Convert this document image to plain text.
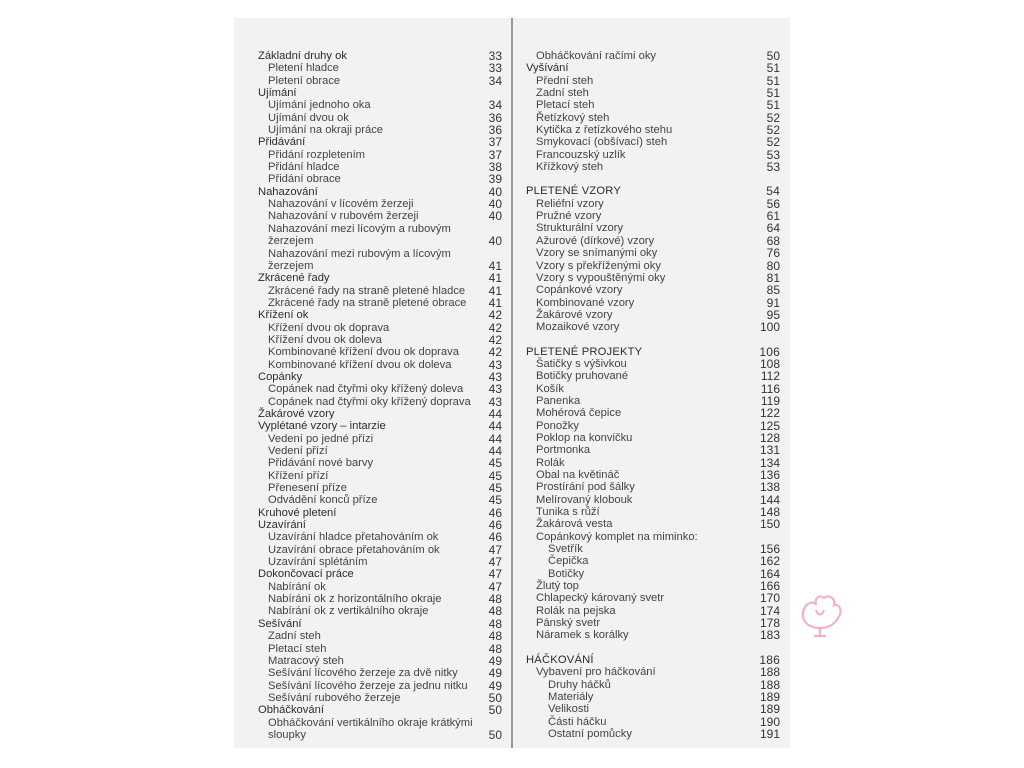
Základní druhy ok	33
Pletení hladce	33
Pletení obrace	34
Ujímání
Ujímání jednoho oka	34
Ujímání dvou ok	36
Ujímání na okraji práce	36
Přidávání	37
Přidání rozpletením	37
Přidání hladce	38
Přidání obrace	39
Nahazování	40
Nahazování v lícovém žerzeji	40
Nahazování v rubovém žerzeji	40
Nahazování mezi lícovým a rubovým žerzejem	40
Nahazování mezi rubovým a lícovým žerzejem	41
Zkrácené řady	41
Zkrácené řady na straně pletené hladce	41
Zkrácené řady na straně pletené obrace	41
Křížení ok	42
Křížení dvou ok doprava	42
Křížení dvou ok doleva	42
Kombinované křížení dvou ok doprava	42
Kombinované křížení dvou ok doleva	43
Copánky	43
Copánek nad čtyřmi oky křížený doleva	43
Copánek nad čtyřmi oky křížený doprava	43
Žakárové vzory	44
Vyplétané vzory – intarzie	44
Vedení po jedné přízi	44
Vedení přízí	44
Přidávání nové barvy	45
Křížení přízí	45
Přenesení příze	45
Odvádění konců příze	45
Kruhové pletení	46
Uzavírání	46
Uzavírání hladce přetahováním ok	46
Uzavírání obrace přetahováním ok	47
Uzavírání splétáním	47
Dokončovací práce	47
Nabírání ok	47
Nabírání ok z horizontálního okraje	48
Nabírání ok z vertikálního okraje	48
Sešívání	48
Zadní steh	48
Pletací steh	48
Matracový steh	49
Sešívání lícového žerzeje za dvě nitky	49
Sešívání lícového žerzeje za jednu nitku	49
Sešívání rubového žerzeje	50
Obháčkování	50
Obháčkování vertikálního okraje krátkými sloupky	50
Obháčkování račími oky	50
Vyšívání	51
Přední steh	51
Zadní steh	51
Pletací steh	51
Řetízkový steh	52
Kytička z řetízkového stehu	52
Smykovací (obšívací) steh	52
Francouzský uzlík	53
Křížkový steh	53
PLETENÉ VZORY	54
Reliéfní vzory	56
Pružné vzory	61
Strukturální vzory	64
Ažurové (dírkové) vzory	68
Vzory se snímanými oky	76
Vzory s překříženými oky	80
Vzory s vypouštěnými oky	81
Copánkové vzory	85
Kombinované vzory	91
Žakárové vzory	95
Mozaikové vzory	100
PLETENÉ PROJEKTY	106
Šatičky s výšivkou	108
Botičky pruhované	112
Košík	116
Panenka	119
Mohérová čepice	122
Ponožky	125
Poklop na konvičku	128
Portmonka	131
Rolák	134
Obal na květináč	136
Prostírání pod šálky	138
Melírovaný klobouk	144
Tunika s růží	148
Žakárová vesta	150
Copánkový komplet na miminko:
Svetřík	156
Čepička	162
Botičky	164
Žlutý top	166
Chlapecký károvaný svetr	170
Rolák na pejska	174
Pánský svetr	178
Náramek s korálky	183
HÁČKOVÁNÍ	186
Vybavení pro háčkování	188
Druhy háčků	188
Materiály	189
Velikosti	189
Části háčku	190
Ostatní pomůcky	191
